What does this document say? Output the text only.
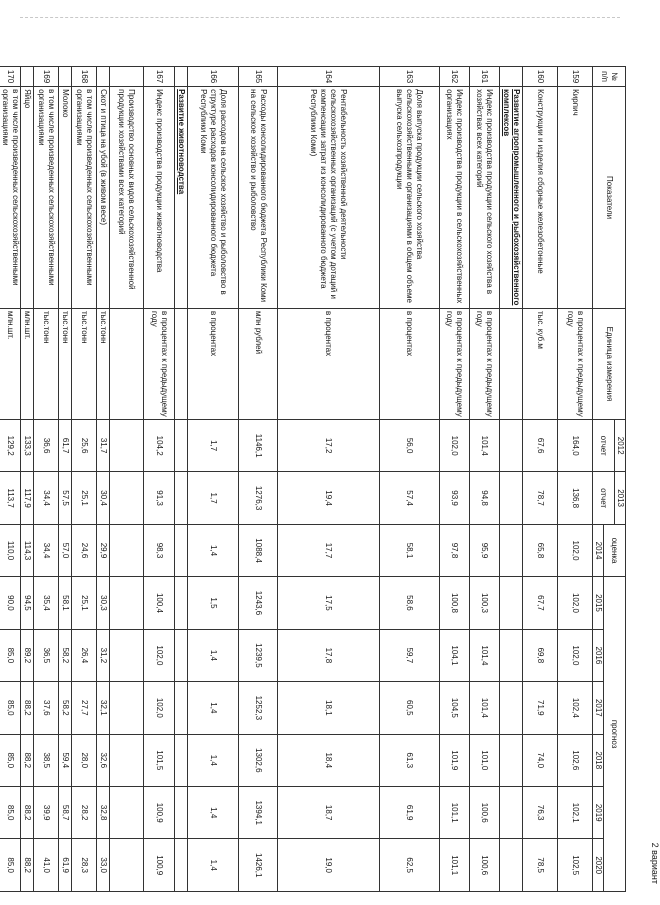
2 вариант
№ п/п	Показатели	Единица измерения	2012	2013	оценка	прогноз					
			отчет	отчет							
					2014	2015	2016	2017	2018	2019	2020
159	Кирпич	в процентах к предыдущему году	164,0	136,8	102,0	102,0	102,0	102,4	102,6	102,1	102,5
160	Конструкции и изделия сборные железобетонные	тыс. куб.м	67,6	78,7	65,8	67,7	69,8	71,9	74,0	76,3	78,5
	Развитие агропромышленного и рыбохозяйственного комплексов										
161	Индекс производства продукции сельского хозяйства в хозяйствах всех категорий	в процентах к предыдущему году	101,4	94,8	95,9	100,3	101,4	101,4	101,0	100,6	100,6
162	Индекс производства продукции в сельскохозяйственных организациях	в процентах к предыдущему году	102,0	93,9	97,8	100,8	104,1	104,5	101,9	101,1	101,1
163	Доля выпуска продукции сельского хозяйства сельскохозяйственными организациями в общем объеме выпуска сельхозпродукции	в процентах	56,0	57,4	58,1	58,6	59,7	60,5	61,3	61,9	62,5
164	Рентабельность хозяйственной деятельности сельскохозяйственных организаций (с учетом дотаций и компенсации затрат из консолидированного бюджета Республики Коми)	в процентах	17,2	19,4	17,7	17,5	17,8	18,1	18,4	18,7	19,0
165	Расходы консолидированного бюджета Республики Коми на сельское хозяйство и рыболовство	млн рублей	1146,1	1276,3	1088,4	1243,6	1239,5	1252,3	1302,6	1394,1	1426,1
166	Доля расходов на сельское хозяйство и рыболовство в структуре расходов консолидированного бюджета Республики Коми	в процентах	1,7	1,7	1,4	1,5	1,4	1,4	1,4	1,4	1,4
	Развитие животноводства										
167	Индекс производства продукции животноводства	в процентах к предыдущему году	104,2	91,3	98,3	100,4	102,0	102,0	101,5	100,9	100,9
	Производство основных видов сельскохозяйственной продукции хозяйствами всех категорий										
	Скот и птица на убой (в живом весе)	тыс.тонн	31,7	30,4	29,9	30,3	31,2	32,1	32,6	32,8	33,0
168	в том числе произведенных сельскохозяйственными организациями	тыс.тонн	25,6	25,1	24,6	25,1	26,4	27,7	28,0	28,2	28,3
	Молоко	тыс.тонн	61,7	57,5	57,0	58,1	58,2	58,2	59,4	58,7	61,9
169	в том числе произведенных сельскохозяйственными организациями	тыс.тонн	36,6	34,4	34,4	35,4	36,5	37,6	38,5	39,9	41,0
	Яйцо	млн.шт.	133,3	117,9	114,3	94,5	89,2	88,2	88,2	88,2	88,2
170	в том числе произведенных сельскохозяйственными организациями	млн.шт.	129,2	113,7	110,0	90,0	85,0	85,0	85,0	85,0	85,0
